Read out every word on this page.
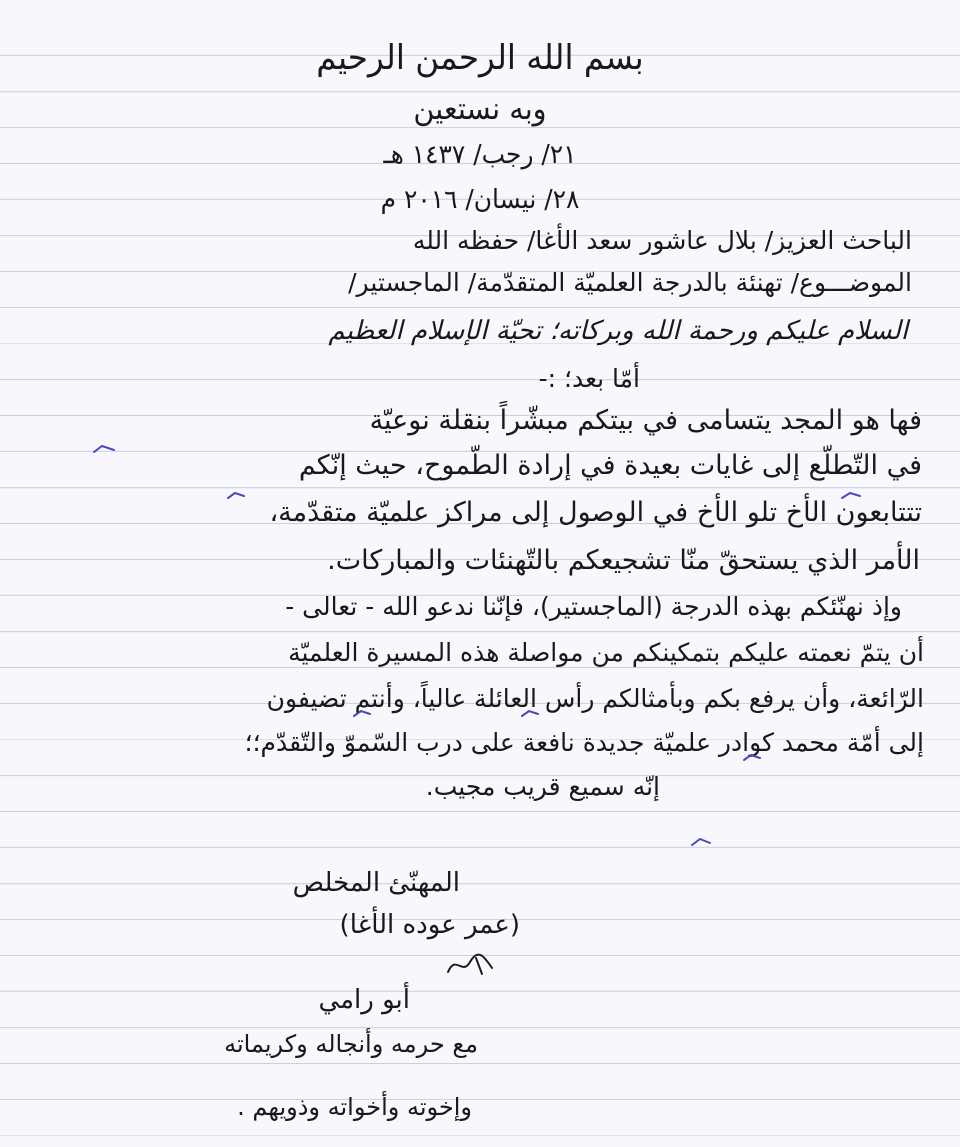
بسم الله الرحمن الرحيم
وبه نستعين
٢١/ رجب/ ١٤٣٧ هـ
٢٨/ نيسان/ ٢٠١٦ م
الباحث العزيز/ بلال عاشور سعد الأغا/ حفظه الله
الموضـــوع/ تهنئة بالدرجة العلميّة المتقدّمة/ الماجستير/
السلام عليكم ورحمة الله وبركاته؛ تحيّة الإسلام العظيم
أمّا بعد؛ :-
فها هو المجد يتسامى في بيتكم مبشّراً بنقلة نوعيّة
في التّطلّع إلى غايات بعيدة في إرادة الطّموح، حيث إنّكم
تتتابعون الأخ تلو الأخ في الوصول إلى مراكز علميّة متقدّمة،
الأمر الذي يستحقّ منّا تشجيعكم بالتّهنئات والمباركات.
وإذ نهنّئكم بهذه الدرجة (الماجستير)، فإنّنا ندعو الله - تعالى -
أن يتمّ نعمته عليكم بتمكينكم من مواصلة هذه المسيرة العلميّة
الرّائعة، وأن يرفع بكم وبأمثالكم رأس العائلة عالياً، وأنتم تضيفون
إلى أمّة محمد كوادر علميّة جديدة نافعة على درب السّموّ والتّقدّم؛؛
إنّه سميع قريب مجيب.
المهنّئ المخلص
(عمر عوده الأغا)
أبو رامي
مع حرمه وأنجاله وكريماته
وإخوته وأخواته وذويهم .
